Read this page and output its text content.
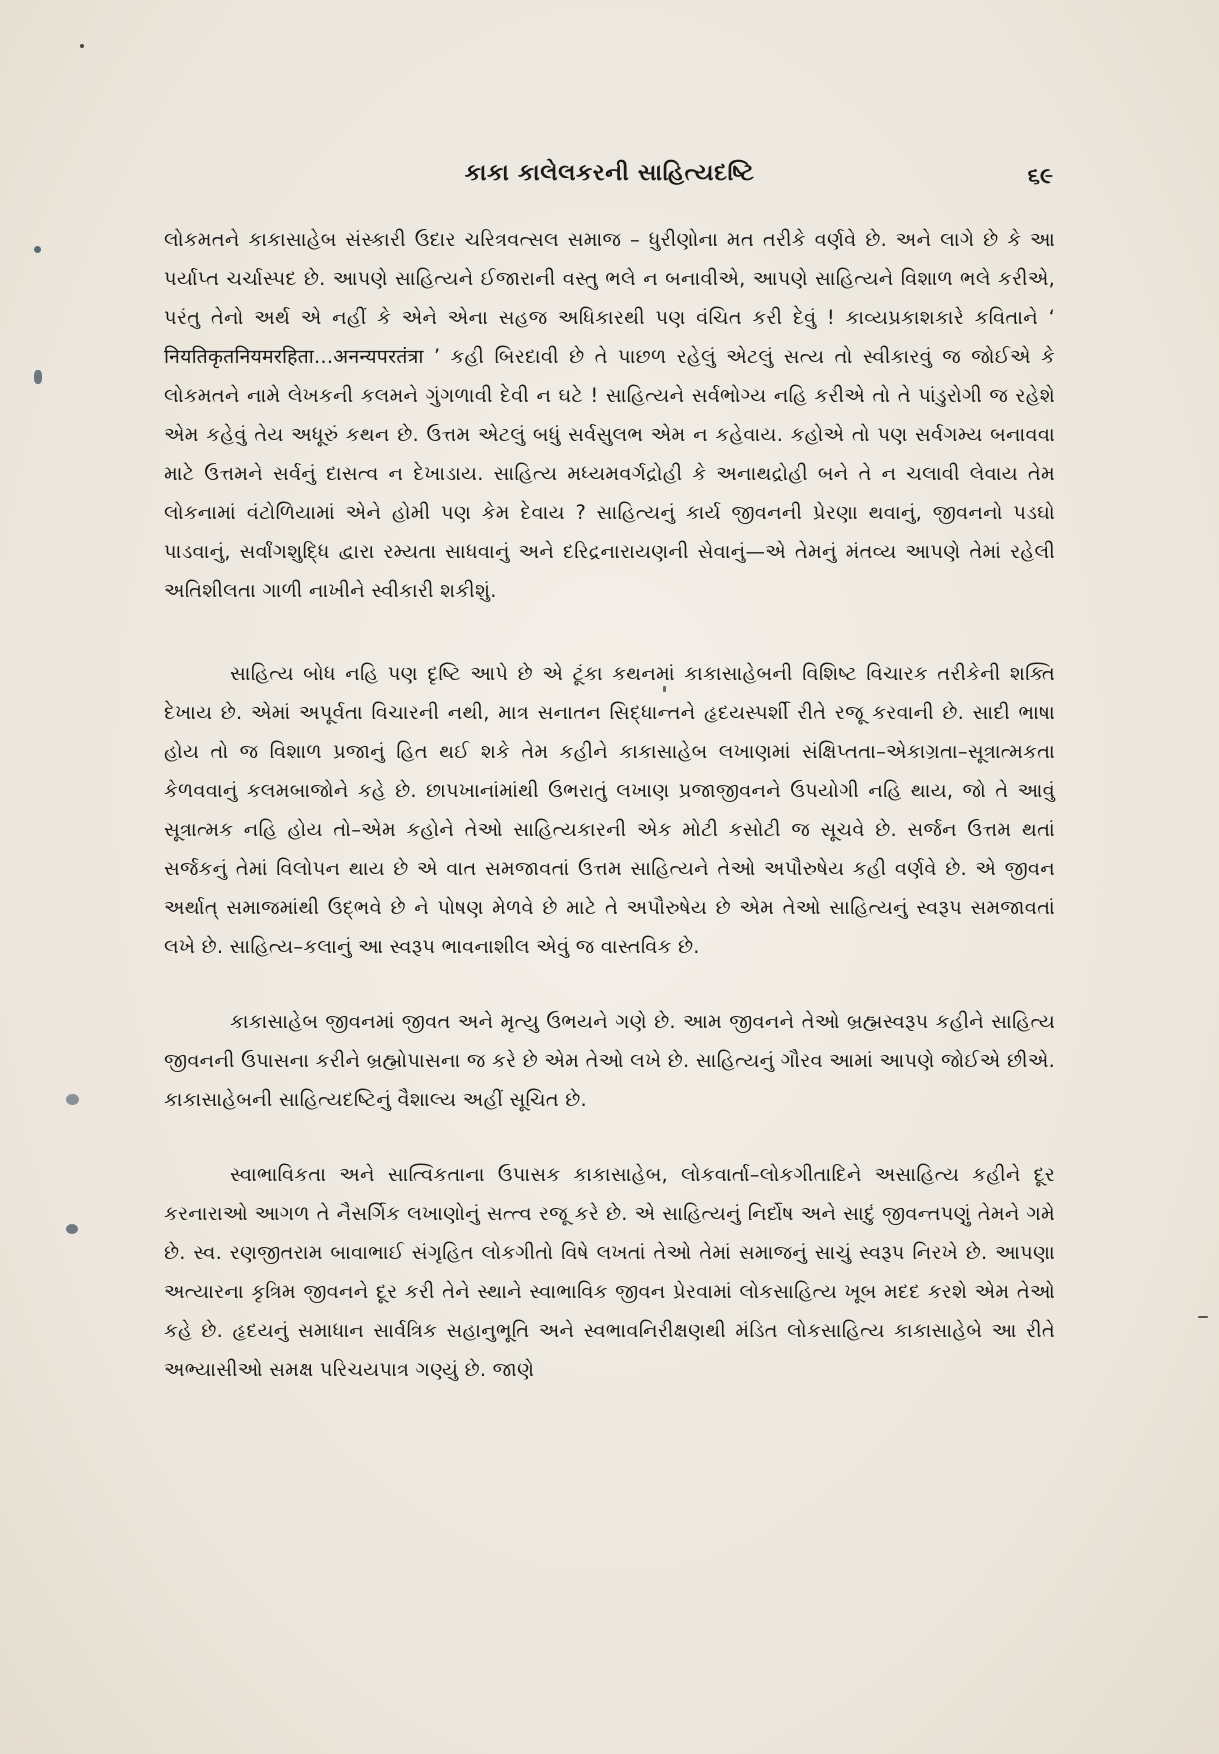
કાકા કાલેલકરની સાહિત્યદષ્ટિ	૬૯

લોકમતને કાકાસાહેબ સંસ્કારી ઉદાર ચરિત્રવત્સલ સમાજ – ધુરીણોના મત તરીકે વર્ણવે છે. અને લાગે છે કે આ પર્યાપ્ત ચર્ચાસ્પદ છે. આપણે સાહિત્યને ઈજારાની વસ્તુ ભલે ન બનાવીએ, આપણે સાહિત્યને વિશાળ ભલે કરીએ, પરંતુ તેનો અર્થ એ નહીં કે એને એના સહજ અધિકારથી પણ વંચિત કરી દેવું ! કાવ્યપ્રકાશકારે કવિતાને ‘ नियतिकृतनियमरहिता...अनन्यपरतंत्रा ’ કહી બિરદાવી છે તે પાછળ રહેલું એટલું સત્ય તો સ્વીકારવું જ જોઈએ કે લોકમતને નામે લેખકની કલમને ગુંગળાવી દેવી ન ઘટે ! સાહિત્યને સર્વભોગ્ય નહિ કરીએ તો તે પાંડુરોગી જ રહેશે એમ કહેવું તેય અધૂરું કથન છે. ઉત્તમ એટલું બધું સર્વસુલભ એમ ન કહેવાય. કહોએ તો પણ સર્વગમ્ય બનાવવા માટે ઉત્તમને સર્વનું દાસત્વ ન દેખાડાય. સાહિત્ય મધ્યમવર્ગદ્રોહી કે અનાથદ્રોહી બને તે ન ચલાવી લેવાય તેમ લોકનામાં વંટોળિયામાં એને હોમી પણ કેમ દેવાય ? સાહિત્યનું કાર્ય જીવનની પ્રેરણા થવાનું, જીવનનો પડઘો પાડવાનું, સર્વાંગશુદ્ધિ દ્વારા રમ્યતા સાધવાનું અને દરિદ્રનારાયણની સેવાનું—એ તેમનું મંતવ્ય આપણે તેમાં રહેલી અતિશીલતા ગાળી નાખીને સ્વીકારી શકીશું.

સાહિત્ય બોધ નહિ પણ દૃષ્ટિ આપે છે એ ટૂંકા કથનમાં કાકાસાહેબની વિશિષ્ટ વિચારક તરીકેની શક્તિ દેખાય છે. એમાં અપૂર્વતા વિચારની નથી, માત્ર સનાતન સિદ્ધાન્તને હૃદયસ્પર્શી રીતે રજૂ કરવાની છે. સાદી ભાષા હોય તો જ વિશાળ પ્રજાનું હિત થઈ શકે તેમ કહીને કાકાસાહેબ લખાણમાં સંક્ષિપ્તતા–એકાગ્રતા–સૂત્રાત્મકતા કેળવવાનું કલમબાજોને કહે છે. છાપખાનાંમાંથી ઉભરાતું લખાણ પ્રજાજીવનને ઉપયોગી નહિ થાય, જો તે આવું સૂત્રાત્મક નહિ હોય તો–એમ કહોને તેઓ સાહિત્યકારની એક મોટી કસોટી જ સૂચવે છે. સર્જન ઉત્તમ થતાં સર્જકનું તેમાં વિલોપન થાય છે એ વાત સમજાવતાં ઉત્તમ સાહિત્યને તેઓ અપૌરુષેય કહી વર્ણવે છે. એ જીવન અર્થાત્ સમાજમાંથી ઉદ્ભવે છે ને પોષણ મેળવે છે માટે તે અપૌરુષેય છે એમ તેઓ સાહિત્યનું સ્વરૂપ સમજાવતાં લખે છે. સાહિત્ય–કલાનું આ સ્વરૂપ ભાવનાશીલ એવું જ વાસ્તવિક છે.

કાકાસાહેબ જીવનમાં જીવત અને મૃત્યુ ઉભયને ગણે છે. આમ જીવનને તેઓ બ્રહ્મસ્વરૂપ કહીને સાહિત્ય જીવનની ઉપાસના કરીને બ્રહ્મોપાસના જ કરે છે એમ તેઓ લખે છે. સાહિત્યનું ગૌરવ આમાં આપણે જોઈએ છીએ. કાકાસાહેબની સાહિત્યદષ્ટિનું વૈશાલ્ય અહીં સૂચિત છે.

સ્વાભાવિકતા અને સાત્વિકતાના ઉપાસક કાકાસાહેબ, લોકવાર્તા–લોકગીતાદિને અસાહિત્ય કહીને દૂર કરનારાઓ આગળ તે નૈસર્ગિક લખાણોનું સત્ત્વ રજૂ કરે છે. એ સાહિત્યનું નિર્દોષ અને સાદું જીવન્તપણું તેમને ગમે છે. સ્વ. રણજીતરામ બાવાભાઈ સંગૃહિત લોકગીતો વિષે લખતાં તેઓ તેમાં સમાજનું સાચું સ્વરૂપ નિરખે છે. આપણા અત્યારના કૃત્રિમ જીવનને દૂર કરી તેને સ્થાને સ્વાભાવિક જીવન પ્રેરવામાં લોકસાહિત્ય ખૂબ મદદ કરશે એમ તેઓ કહે છે. હૃદયનું સમાધાન સાર્વત્રિક સહાનુભૂતિ અને સ્વભાવનિરીક્ષણથી મંડિત લોકસાહિત્ય કાકાસાહેબે આ રીતે અભ્યાસીઓ સમક્ષ પરિચયપાત્ર ગણ્યું છે. જાણે
